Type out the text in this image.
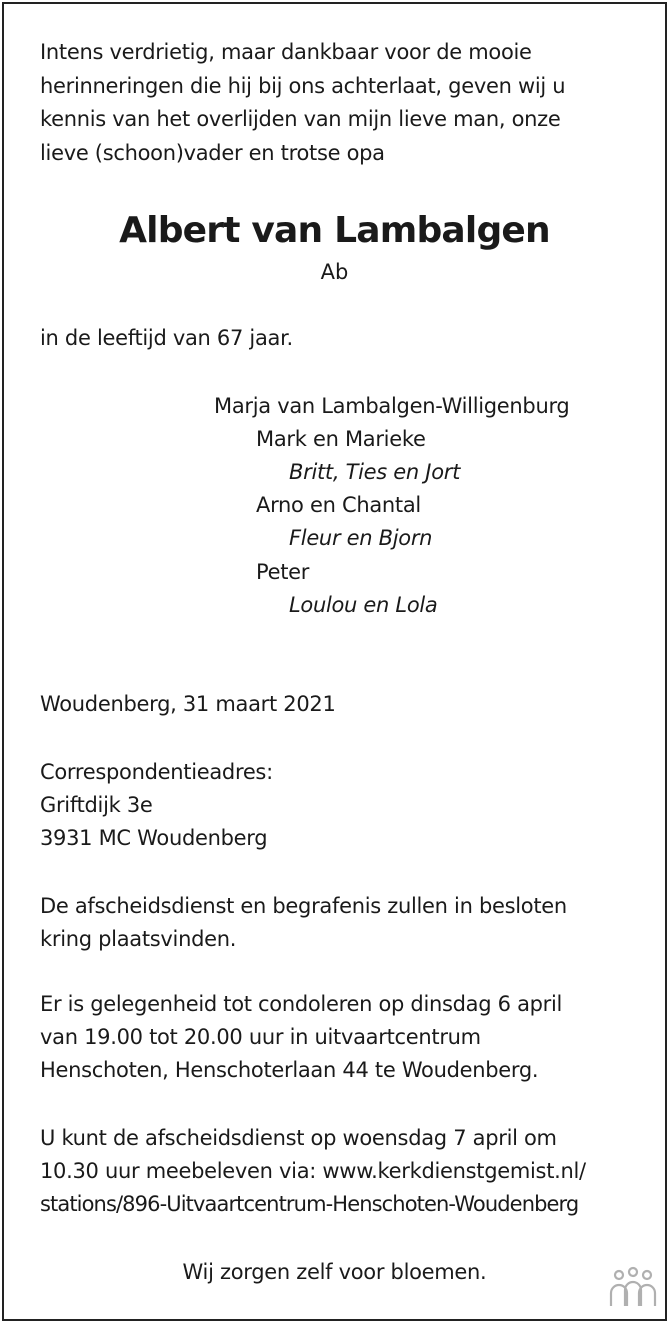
Intens verdrietig, maar dankbaar voor de mooie
herinneringen die hij bij ons achterlaat, geven wij u
kennis van het overlijden van mijn lieve man, onze
lieve (schoon)vader en trotse opa
Albert van Lambalgen
Ab
in de leeftijd van 67 jaar.
Marja van Lambalgen-Willigenburg
Mark en Marieke
Britt, Ties en Jort
Arno en Chantal
Fleur en Bjorn
Peter
Loulou en Lola
Woudenberg, 31 maart 2021
Correspondentieadres:
Griftdijk 3e
3931 MC Woudenberg
De afscheidsdienst en begrafenis zullen in besloten
kring plaatsvinden.
Er is gelegenheid tot condoleren op dinsdag 6 april
van 19.00 tot 20.00 uur in uitvaartcentrum
Henschoten, Henschoterlaan 44 te Woudenberg.
U kunt de afscheidsdienst op woensdag 7 april om
10.30 uur meebeleven via: www.kerkdienstgemist.nl/
stations/896-Uitvaartcentrum-Henschoten-Woudenberg
Wij zorgen zelf voor bloemen.
